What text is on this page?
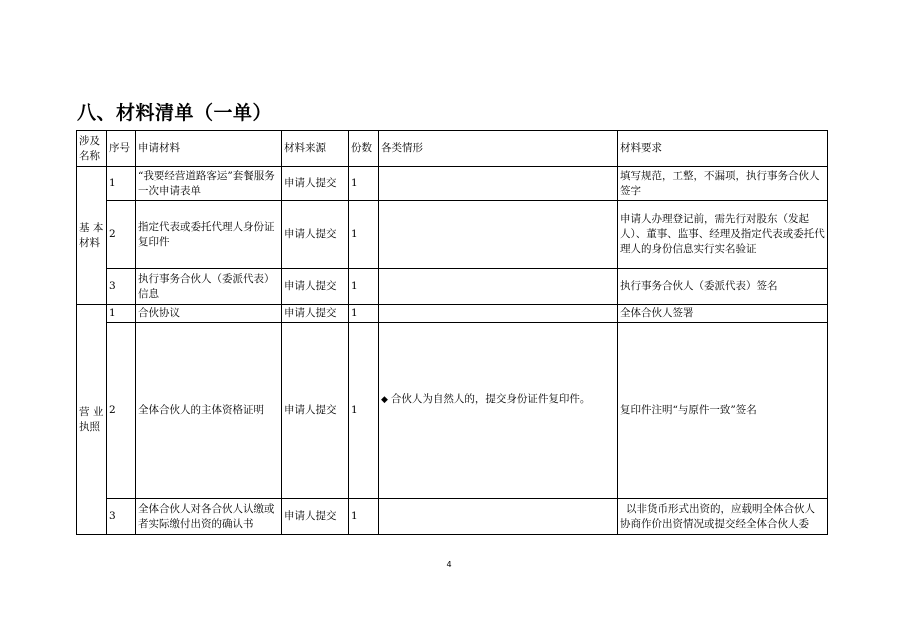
八、材料清单（一单）
涉及名称	序号	申请材料	材料来源	份数	各类情形	材料要求
基 本材料	1	“我要经营道路客运”套餐服务一次申请表单	申请人提交	1		填写规范，工整，不漏项，执行事务合伙人签字
	2	指定代表或委托代理人身份证复印件	申请人提交	1		申请人办理登记前，需先行对股东（发起人）、董事、监事、经理及指定代表或委托代理人的身份信息实行实名验证
	3	执行事务合伙人（委派代表）信息	申请人提交	1		执行事务合伙人（委派代表）签名
营 业执照	1	合伙协议	申请人提交	1		全体合伙人签署
	2	全体合伙人的主体资格证明	申请人提交	1	◆ 合伙人为自然人的，提交身份证件复印件。	复印件注明“与原件一致”签名
	3	全体合伙人对各合伙人认缴或者实际缴付出资的确认书	申请人提交	1		以非货币形式出资的，应载明全体合伙人协商作价出资情况或提交经全体合伙人委
4
